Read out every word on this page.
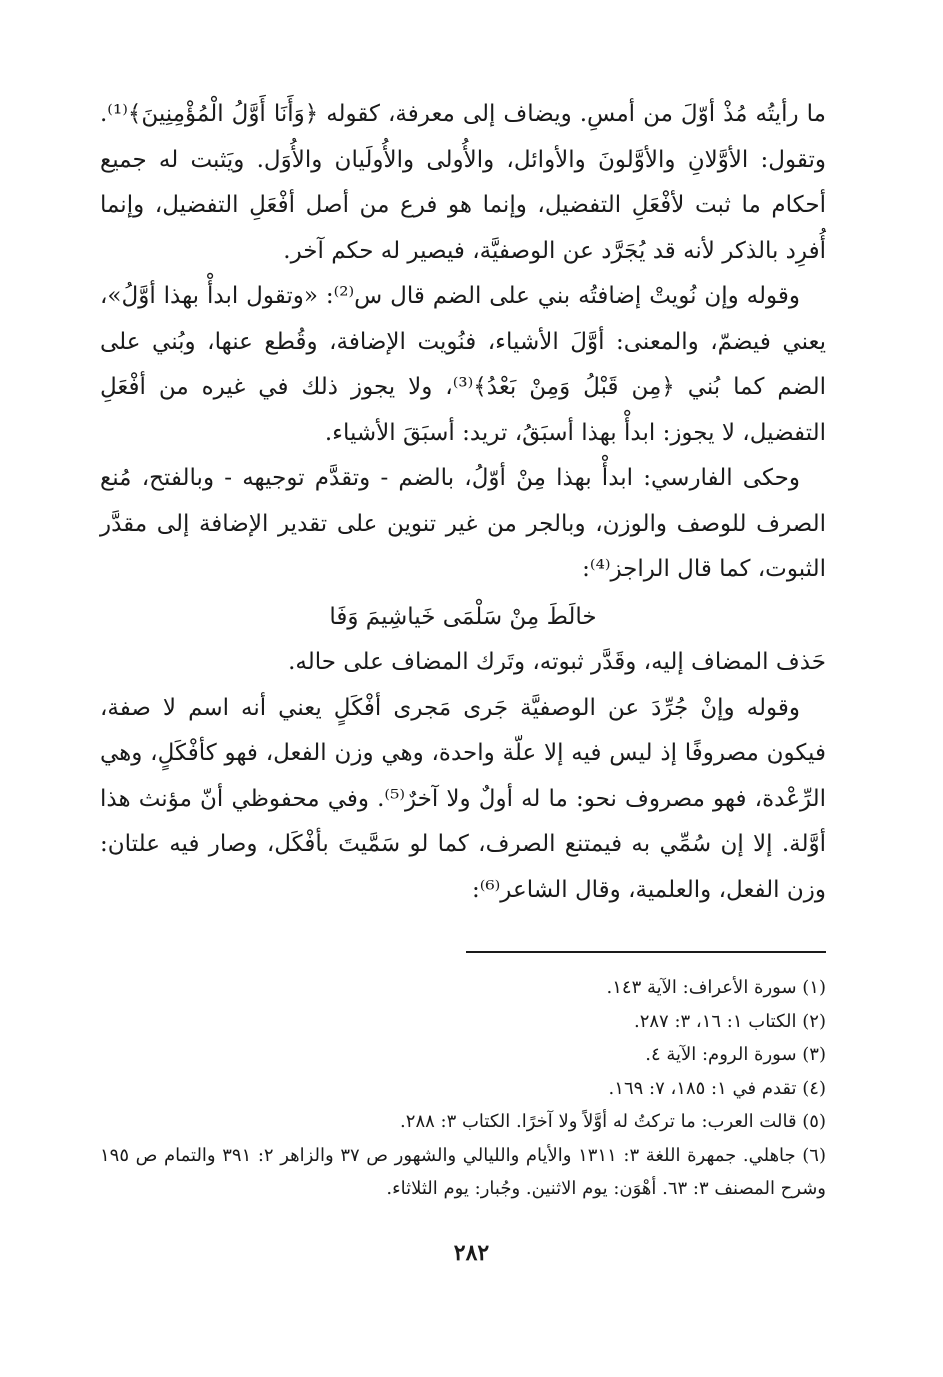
ما رأيتُه مُذْ أوّلَ من أمسِ. ويضاف إلى معرفة، كقوله ﴿وَأَنَا أَوَّلُ الْمُؤْمِنِينَ﴾⁽¹⁾. وتقول: الأوَّلانِ والأوَّلونَ والأوائل، والأُولى والأُولَيان والأُوَل. ويَثبت له جميع أحكام ما ثبت لأفْعَلِ التفضيل، وإنما هو فرع من أصل أفْعَلِ التفضيل، وإنما أُفرِد بالذكر لأنه قد يُجَرَّد عن الوصفيَّة، فيصير له حكم آخر.

وقوله وإن نُويتْ إضافتُه بني على الضم قال س⁽²⁾: «وتقول ابدأْ بهذا أوَّلُ»، يعني فيضمّ، والمعنى: أوَّلَ الأشياء، فنُويت الإضافة، وقُطع عنها، وبُني على الضم كما بُني ﴿مِن قَبْلُ وَمِنْ بَعْدُ﴾⁽³⁾، ولا يجوز ذلك في غيره من أفْعَلِ التفضيل، لا يجوز: ابدأْ بهذا أسبَقُ، تريد: أسبَقَ الأشياء.

وحكى الفارسي: ابدأْ بهذا مِنْ أوّلُ، بالضم - وتقدَّم توجيهه - وبالفتح، مُنع الصرف للوصف والوزن، وبالجر من غير تنوين على تقدير الإضافة إلى مقدَّر الثبوت، كما قال الراجز⁽⁴⁾:

خالَطَ مِنْ سَلْمَى خَياشِيمَ وَفَا

حَذف المضاف إليه، وقَدَّر ثبوته، وتَرك المضاف على حاله.

وقوله وإنْ جُرِّدَ عن الوصفيَّة جَرى مَجرى أفْكَلٍ يعني أنه اسم لا صفة، فيكون مصروفًا إذ ليس فيه إلا علّة واحدة، وهي وزن الفعل، فهو كأفْكَلٍ، وهي الرِّعْدة، فهو مصروف نحو: ما له أولٌ ولا آخرٌ⁽⁵⁾. وفي محفوظي أنّ مؤنث هذا أوَّلة. إلا إن سُمِّي به فيمتنع الصرف، كما لو سَمَّيتَ بأفْكَل، وصار فيه علتان: وزن الفعل، والعلمية، وقال الشاعر⁽⁶⁾:

(١) سورة الأعراف: الآية ١٤٣.

(٢) الكتاب ١: ١٦، ٣: ٢٨٧.

(٣) سورة الروم: الآية ٤.

(٤) تقدم في ١: ١٨٥، ٧: ١٦٩.

(٥) قالت العرب: ما تركتُ له أوَّلاً ولا آخرًا. الكتاب ٣: ٢٨٨.

(٦) جاهلي. جمهرة اللغة ٣: ١٣١١ والأيام والليالي والشهور ص ٣٧ والزاهر ٢: ٣٩١ والتمام ص ١٩٥ وشرح المصنف ٣: ٦٣. أهْوَن: يوم الاثنين. وجُبار: يوم الثلاثاء.

٢٨٢
